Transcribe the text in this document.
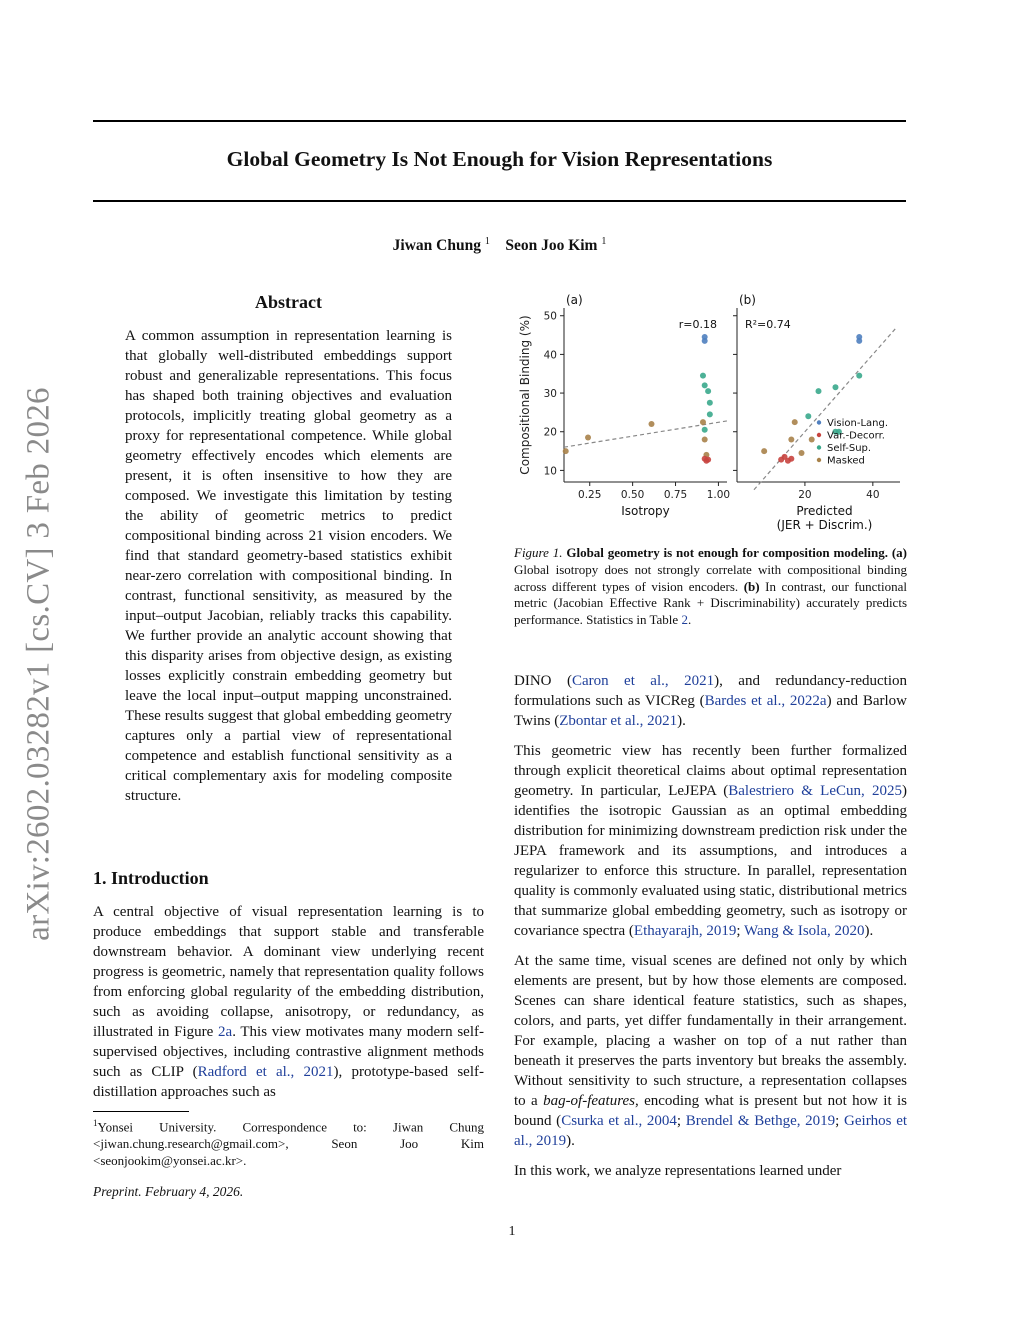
Global Geometry Is Not Enough for Vision Representations
Jiwan Chung $^1$ Seon Joo Kim $^1$
arXiv:2602.03282v1 [cs.CV] 3 Feb 2026
Abstract

A common assumption in representation learning is that globally well-distributed embeddings support robust and generalizable representations. This focus has shaped both training objectives and evaluation protocols, implicitly treating global geometry as a proxy for representational competence. While global geometry effectively encodes which elements are present, it is often insensitive to how they are composed. We investigate this limitation by testing the ability of geometric metrics to predict compositional binding across 21 vision encoders. We find that standard geometry-based statistics exhibit near-zero correlation with compositional binding. In contrast, functional sensitivity, as measured by the input–output Jacobian, reliably tracks this capability. We further provide an analytic account showing that this disparity arises from objective design, as existing losses explicitly constrain embedding geometry but leave the local input–output mapping unconstrained. These results suggest that global embedding geometry captures only a partial view of representational competence and establish functional sensitivity as a critical complementary axis for modeling composite structure.

1. Introduction

A central objective of visual representation learning is to produce embeddings that support stable and transferable downstream behavior. A dominant view underlying recent progress is geometric, namely that representation quality follows from enforcing global regularity of the embedding distribution, such as avoiding collapse, anisotropy, or redundancy, as illustrated in Figure 2a. This view motivates many modern self-supervised objectives, including contrastive alignment methods such as CLIP (Radford et al., 2021), prototype-based self-distillation approaches such as

$^1$Yonsei University. Correspondence to: Jiwan Chung <jiwan.chung.research@gmail.com>, Seon Joo Kim <seonjookim@yonsei.ac.kr>.
Preprint. February 4, 2026.
1
Compositional Binding (%)
(a)
10
20
30
40
50
0.25 0.50 0.75 1.00
Isotropy
r=0.18
(b)
20	40
Predicted
(JER + Discrim.)
R²=0.74
Vision-Lang.
Var.-Decorr.
Self-Sup.
Masked
Figure 1. Global geometry is not enough for composition modeling. (a) Global isotropy does not strongly correlate with compositional binding across different types of vision encoders. (b) In contrast, our functional metric (Jacobian Effective Rank + Discriminability) accurately predicts performance. Statistics in Table 2.

DINO (Caron et al., 2021), and redundancy-reduction formulations such as VICReg (Bardes et al., 2022a) and Barlow Twins (Zbontar et al., 2021).

This geometric view has recently been further formalized through explicit theoretical claims about optimal representation geometry. In particular, LeJEPA (Balestriero & LeCun, 2025) identifies the isotropic Gaussian as an optimal embedding distribution for minimizing downstream prediction risk under the JEPA framework and its assumptions, and introduces a regularizer to enforce this structure. In parallel, representation quality is commonly evaluated using static, distributional metrics that summarize global embedding geometry, such as isotropy or covariance spectra (Ethayarajh, 2019; Wang & Isola, 2020).

At the same time, visual scenes are defined not only by which elements are present, but by how those elements are composed. Scenes can share identical feature statistics, such as shapes, colors, and parts, yet differ fundamentally in their arrangement. For example, placing a washer on top of a nut rather than beneath it preserves the parts inventory but breaks the assembly. Without sensitivity to such structure, a representation collapses to a bag-of-features, encoding what is present but not how it is bound (Csurka et al., 2004; Brendel & Bethge, 2019; Geirhos et al., 2019).

In this work, we analyze representations learned under
